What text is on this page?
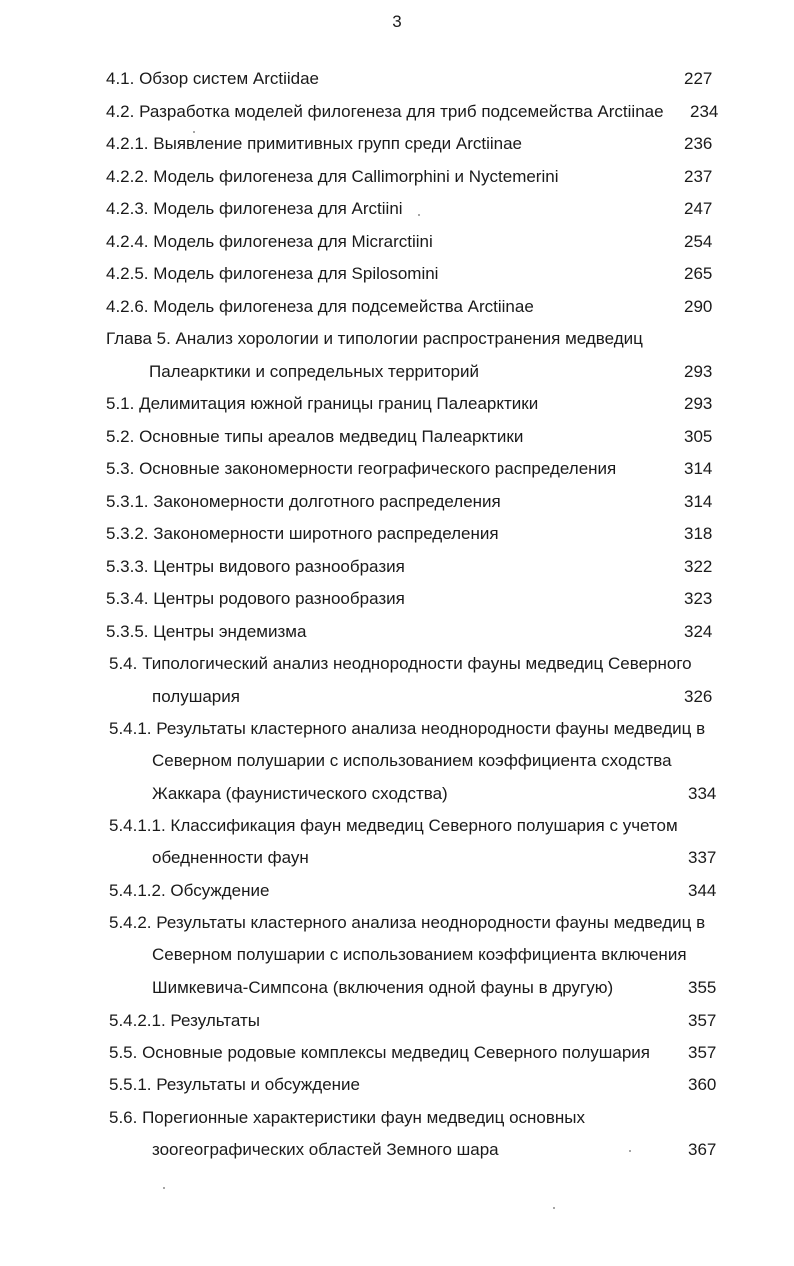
3
4.1. Обзор систем Arctiidae	227
4.2. Разработка моделей филогенеза для триб подсемейства Arctiinae 234
4.2.1. Выявление примитивных групп среди Arctiinae	236
4.2.2. Модель филогенеза для Callimorphini и Nyctemerini	237
4.2.3. Модель филогенеза для Arctiini	247
4.2.4. Модель филогенеза для Micrarctiini	254
4.2.5. Модель филогенеза для Spilosomini	265
4.2.6. Модель филогенеза для подсемейства Arctiinae	290
Глава 5. Анализ хорологии и типологии распространения медведиц
Палеарктики и сопредельных территорий	293
5.1. Делимитация южной границы границ Палеарктики	293
5.2. Основные типы ареалов медведиц Палеарктики	305
5.3. Основные закономерности географического распределения	314
5.3.1. Закономерности долготного распределения	314
5.3.2. Закономерности широтного распределения	318
5.3.3. Центры видового разнообразия	322
5.3.4. Центры родового разнообразия	323
5.3.5. Центры эндемизма	324
5.4. Типологический анализ неоднородности фауны медведиц Северного
полушария	326
5.4.1. Результаты кластерного анализа неоднородности фауны медведиц в
Северном полушарии с использованием коэффициента сходства
Жаккара (фаунистического сходства)	334
5.4.1.1. Классификация фаун медведиц Северного полушария с учетом
обедненности фаун	337
5.4.1.2. Обсуждение	344
5.4.2. Результаты кластерного анализа неоднородности фауны медведиц в
Северном полушарии с использованием коэффициента включения
Шимкевича-Симпсона (включения одной фауны в другую)	355
5.4.2.1. Результаты	357
5.5. Основные родовые комплексы медведиц Северного полушария 357
5.5.1. Результаты и обсуждение	360
5.6. Порегионные характеристики фаун медведиц основных
зоогеографических областей Земного шара	367
